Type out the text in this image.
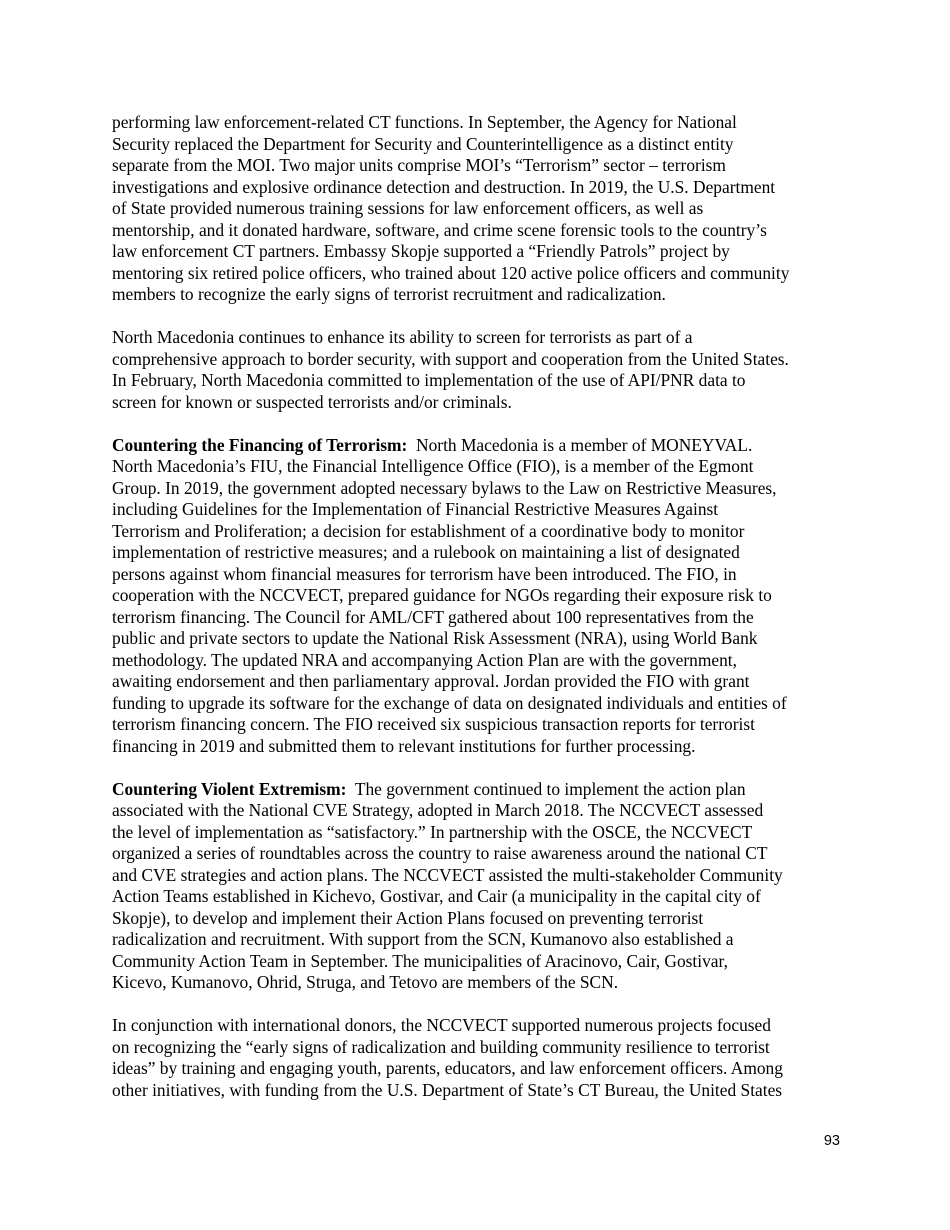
performing law enforcement-related CT functions. In September, the Agency for National
Security replaced the Department for Security and Counterintelligence as a distinct entity
separate from the MOI. Two major units comprise MOI’s “Terrorism” sector – terrorism
investigations and explosive ordinance detection and destruction. In 2019, the U.S. Department
of State provided numerous training sessions for law enforcement officers, as well as
mentorship, and it donated hardware, software, and crime scene forensic tools to the country’s
law enforcement CT partners. Embassy Skopje supported a “Friendly Patrols” project by
mentoring six retired police officers, who trained about 120 active police officers and community
members to recognize the early signs of terrorist recruitment and radicalization.

North Macedonia continues to enhance its ability to screen for terrorists as part of a
comprehensive approach to border security, with support and cooperation from the United States.
In February, North Macedonia committed to implementation of the use of API/PNR data to
screen for known or suspected terrorists and/or criminals.

Countering the Financing of Terrorism:  North Macedonia is a member of MONEYVAL.
North Macedonia’s FIU, the Financial Intelligence Office (FIO), is a member of the Egmont
Group. In 2019, the government adopted necessary bylaws to the Law on Restrictive Measures,
including Guidelines for the Implementation of Financial Restrictive Measures Against
Terrorism and Proliferation; a decision for establishment of a coordinative body to monitor
implementation of restrictive measures; and a rulebook on maintaining a list of designated
persons against whom financial measures for terrorism have been introduced. The FIO, in
cooperation with the NCCVECT, prepared guidance for NGOs regarding their exposure risk to
terrorism financing. The Council for AML/CFT gathered about 100 representatives from the
public and private sectors to update the National Risk Assessment (NRA), using World Bank
methodology. The updated NRA and accompanying Action Plan are with the government,
awaiting endorsement and then parliamentary approval. Jordan provided the FIO with grant
funding to upgrade its software for the exchange of data on designated individuals and entities of
terrorism financing concern. The FIO received six suspicious transaction reports for terrorist
financing in 2019 and submitted them to relevant institutions for further processing.

Countering Violent Extremism:  The government continued to implement the action plan
associated with the National CVE Strategy, adopted in March 2018. The NCCVECT assessed
the level of implementation as “satisfactory.” In partnership with the OSCE, the NCCVECT
organized a series of roundtables across the country to raise awareness around the national CT
and CVE strategies and action plans. The NCCVECT assisted the multi-stakeholder Community
Action Teams established in Kichevo, Gostivar, and Cair (a municipality in the capital city of
Skopje), to develop and implement their Action Plans focused on preventing terrorist
radicalization and recruitment. With support from the SCN, Kumanovo also established a
Community Action Team in September. The municipalities of Aracinovo, Cair, Gostivar,
Kicevo, Kumanovo, Ohrid, Struga, and Tetovo are members of the SCN.

In conjunction with international donors, the NCCVECT supported numerous projects focused
on recognizing the “early signs of radicalization and building community resilience to terrorist
ideas” by training and engaging youth, parents, educators, and law enforcement officers. Among
other initiatives, with funding from the U.S. Department of State’s CT Bureau, the United States

93
